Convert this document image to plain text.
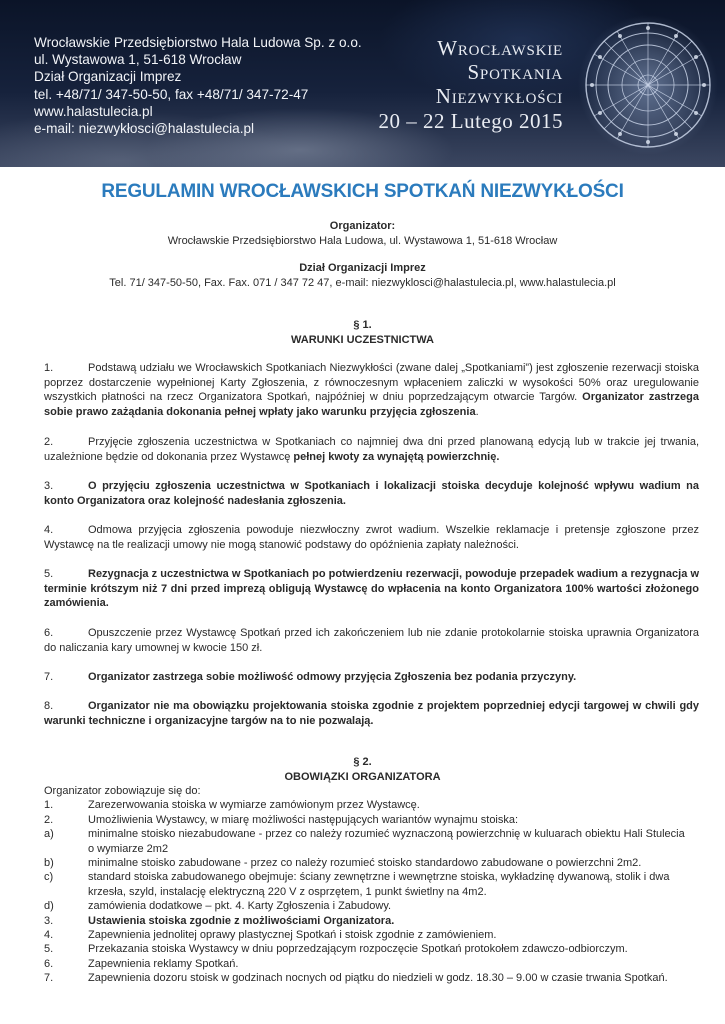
Wrocławskie Przedsiębiorstwo Hala Ludowa Sp. z o.o.
ul. Wystawowa 1, 51-618 Wrocław
Dział Organizacji Imprez
tel. +48/71/ 347-50-50, fax +48/71/ 347-72-47
www.halastulecia.pl
e-mail: niezwykłosci@halastulecia.pl
Wrocławskie
Spotkania
Niezwykłości
20 – 22 Lutego 2015
REGULAMIN WROCŁAWSKICH SPOTKAŃ NIEZWYKŁOŚCI
Organizator:
Wrocławskie Przedsiębiorstwo Hala Ludowa, ul. Wystawowa 1, 51-618 Wrocław
Dział Organizacji Imprez
Tel. 71/ 347-50-50, Fax. Fax. 071 / 347 72 47, e-mail: niezwyklosci@halastulecia.pl, www.halastulecia.pl
§ 1.
WARUNKI UCZESTNICTWA
1.	Podstawą udziału we Wrocławskich Spotkaniach Niezwykłości (zwane dalej „Spotkaniami”) jest zgłoszenie rezerwacji stoiska poprzez dostarczenie wypełnionej Karty Zgłoszenia, z równoczesnym wpłaceniem zaliczki w wysokości 50% oraz uregulowanie wszystkich płatności na rzecz Organizatora Spotkań, najpóźniej w dniu poprzedzającym otwarcie Targów. Organizator zastrzega sobie prawo zażądania dokonania pełnej wpłaty jako warunku przyjęcia zgłoszenia.
2.	Przyjęcie zgłoszenia uczestnictwa w Spotkaniach co najmniej dwa dni przed planowaną edycją lub w trakcie jej trwania, uzależnione będzie od dokonania przez Wystawcę pełnej kwoty za wynajętą powierzchnię.
3.	O przyjęciu zgłoszenia uczestnictwa w Spotkaniach i lokalizacji stoiska decyduje kolejność wpływu wadium na konto Organizatora oraz kolejność nadesłania zgłoszenia.
4.	Odmowa przyjęcia zgłoszenia powoduje niezwłoczny zwrot wadium. Wszelkie reklamacje i pretensje zgłoszone przez Wystawcę na tle realizacji umowy nie mogą stanowić podstawy do opóźnienia zapłaty należności.
5.	Rezygnacja z uczestnictwa w Spotkaniach po potwierdzeniu rezerwacji, powoduje przepadek wadium a rezygnacja w terminie krótszym niż 7 dni przed imprezą obligują Wystawcę do wpłacenia na konto Organizatora 100% wartości złożonego zamówienia.
6.	Opuszczenie przez Wystawcę Spotkań przed ich zakończeniem lub nie zdanie protokolarnie stoiska uprawnia Organizatora do naliczania kary umownej w kwocie 150 zł.
7.	Organizator zastrzega sobie możliwość odmowy przyjęcia Zgłoszenia bez podania przyczyny.
8.	Organizator nie ma obowiązku projektowania stoiska zgodnie z projektem poprzedniej edycji targowej w chwili gdy warunki techniczne i organizacyjne targów na to nie pozwalają.
§ 2.
OBOWIĄZKI ORGANIZATORA
Organizator zobowiązuje się do:
1.	Zarezerwowania stoiska w wymiarze zamówionym przez Wystawcę.
2.	Umożliwienia Wystawcy, w miarę możliwości następujących wariantów wynajmu stoiska:
a)	minimalne stoisko niezabudowane - przez co należy rozumieć wyznaczoną powierzchnię w kuluarach obiektu Hali Stulecia
o wymiarze 2m2
b)	minimalne stoisko zabudowane - przez co należy rozumieć stoisko standardowo zabudowane o powierzchni 2m2.
c)	standard stoiska zabudowanego obejmuje: ściany zewnętrzne i wewnętrzne stoiska, wykładzinę dywanową, stolik i dwa
krzesła, szyld, instalację elektryczną 220 V z osprzętem, 1 punkt świetlny na 4m2.
d)	zamówienia dodatkowe – pkt. 4. Karty Zgłoszenia i Zabudowy.
3.	Ustawienia stoiska zgodnie z możliwościami Organizatora.
4.	Zapewnienia jednolitej oprawy plastycznej Spotkań i stoisk zgodnie z zamówieniem.
5.	Przekazania stoiska Wystawcy w dniu poprzedzającym rozpoczęcie Spotkań protokołem zdawczo-odbiorczym.
6.	Zapewnienia reklamy Spotkań.
7.	Zapewnienia dozoru stoisk w godzinach nocnych od piątku do niedzieli w godz. 18.30 – 9.00 w czasie trwania Spotkań.
